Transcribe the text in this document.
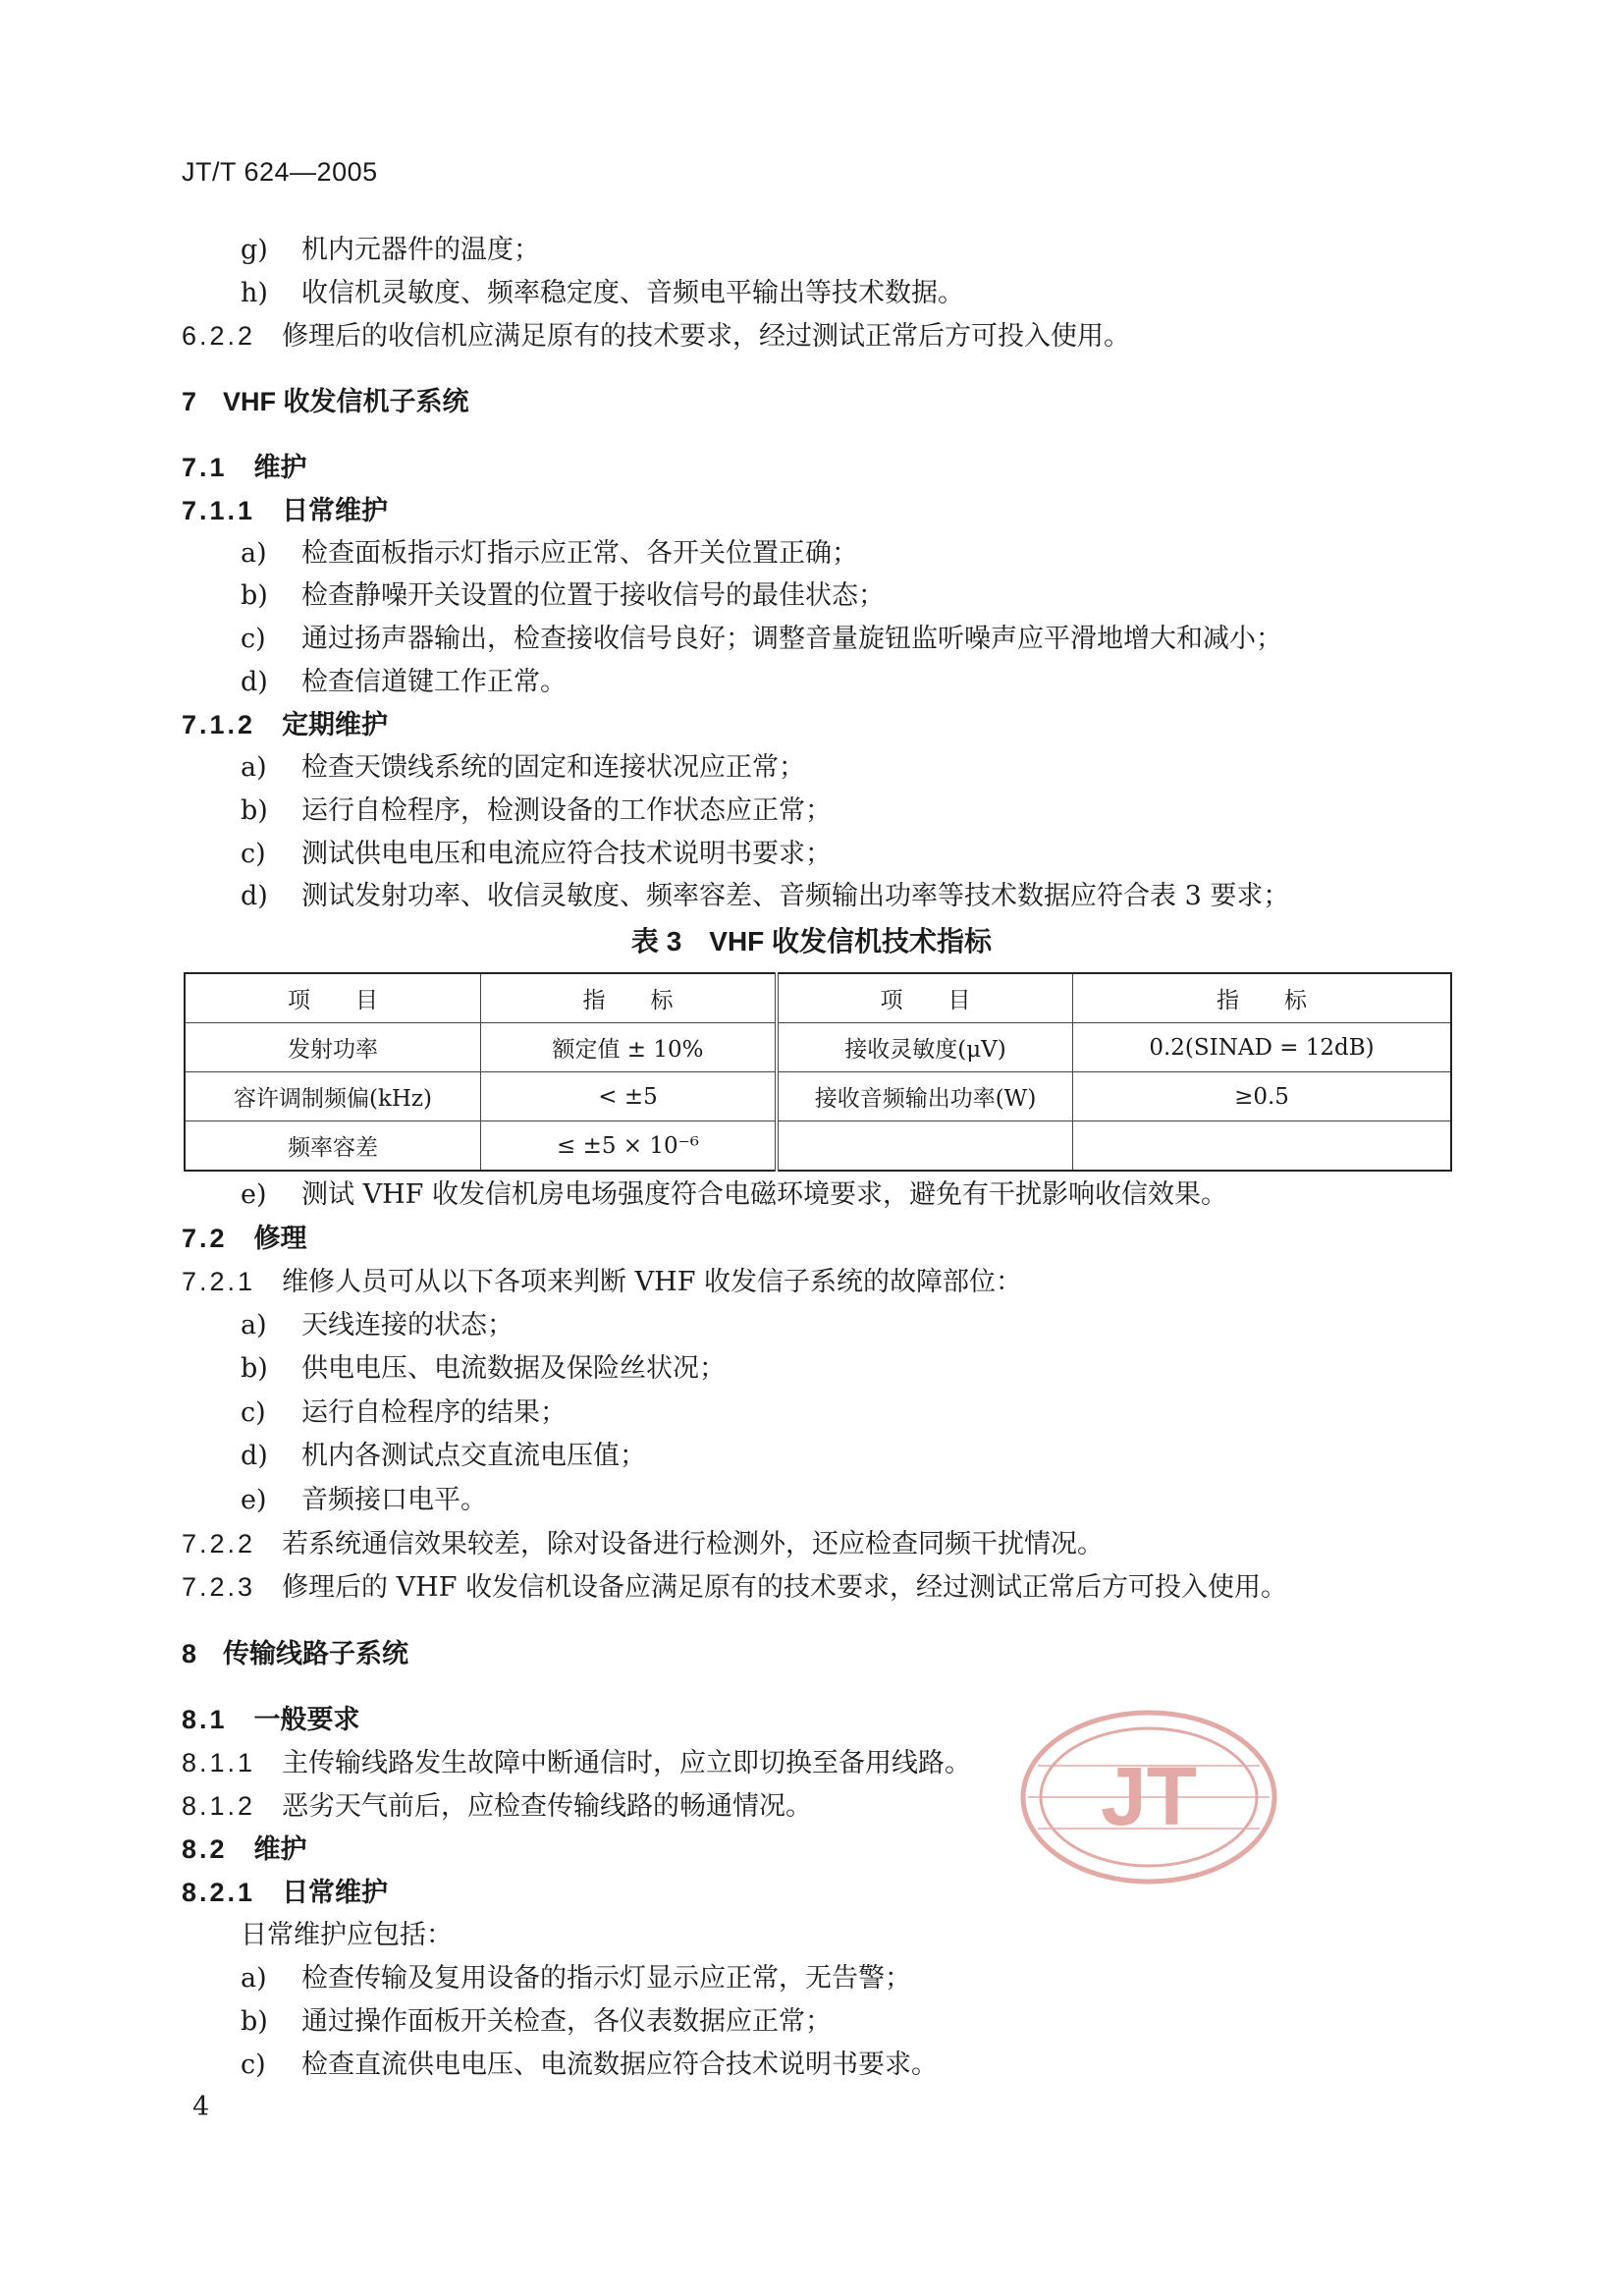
JT/T 624—2005
g) 机内元器件的温度；
h) 收信机灵敏度、频率稳定度、音频电平输出等技术数据。
6.2.2　 修理后的收信机应满足原有的技术要求，经过测试正常后方可投入使用。
7　 VHF 收发信机子系统
7.1　 维护
7.1.1　 日常维护
a) 检查面板指示灯指示应正常、各开关位置正确；
b) 检查静噪开关设置的位置于接收信号的最佳状态；
c) 通过扬声器输出，检查接收信号良好；调整音量旋钮监听噪声应平滑地增大和减小；
d) 检查信道键工作正常。
7.1.2　 定期维护
a) 检查天馈线系统的固定和连接状况应正常；
b) 运行自检程序，检测设备的工作状态应正常；
c) 测试供电电压和电流应符合技术说明书要求；
d) 测试发射功率、收信灵敏度、频率容差、音频输出功率等技术数据应符合表 3 要求；
表 3　VHF 收发信机技术指标
项　　目	指　　标	项　　目	指　　标
发射功率	额定值 ± 10%	接收灵敏度(μV)	0.2(SINAD = 12dB)
容许调制频偏(kHz)	< ±5	接收音频输出功率(W)	≥0.5
频率容差	≤ ±5 × 10⁻⁶		
e) 测试 VHF 收发信机房电场强度符合电磁环境要求，避免有干扰影响收信效果。
7.2　 修理
7.2.1　 维修人员可从以下各项来判断 VHF 收发信子系统的故障部位：
a) 天线连接的状态；
b) 供电电压、电流数据及保险丝状况；
c) 运行自检程序的结果；
d) 机内各测试点交直流电压值；
e) 音频接口电平。
7.2.2　 若系统通信效果较差，除对设备进行检测外，还应检查同频干扰情况。
7.2.3　 修理后的 VHF 收发信机设备应满足原有的技术要求，经过测试正常后方可投入使用。
8　 传输线路子系统
8.1　 一般要求
8.1.1　 主传输线路发生故障中断通信时，应立即切换至备用线路。
8.1.2　 恶劣天气前后，应检查传输线路的畅通情况。
8.2　 维护
8.2.1　 日常维护
日常维护应包括：
a) 检查传输及复用设备的指示灯显示应正常，无告警；
b) 通过操作面板开关检查，各仪表数据应正常；
c) 检查直流供电电压、电流数据应符合技术说明书要求。
JT
4
